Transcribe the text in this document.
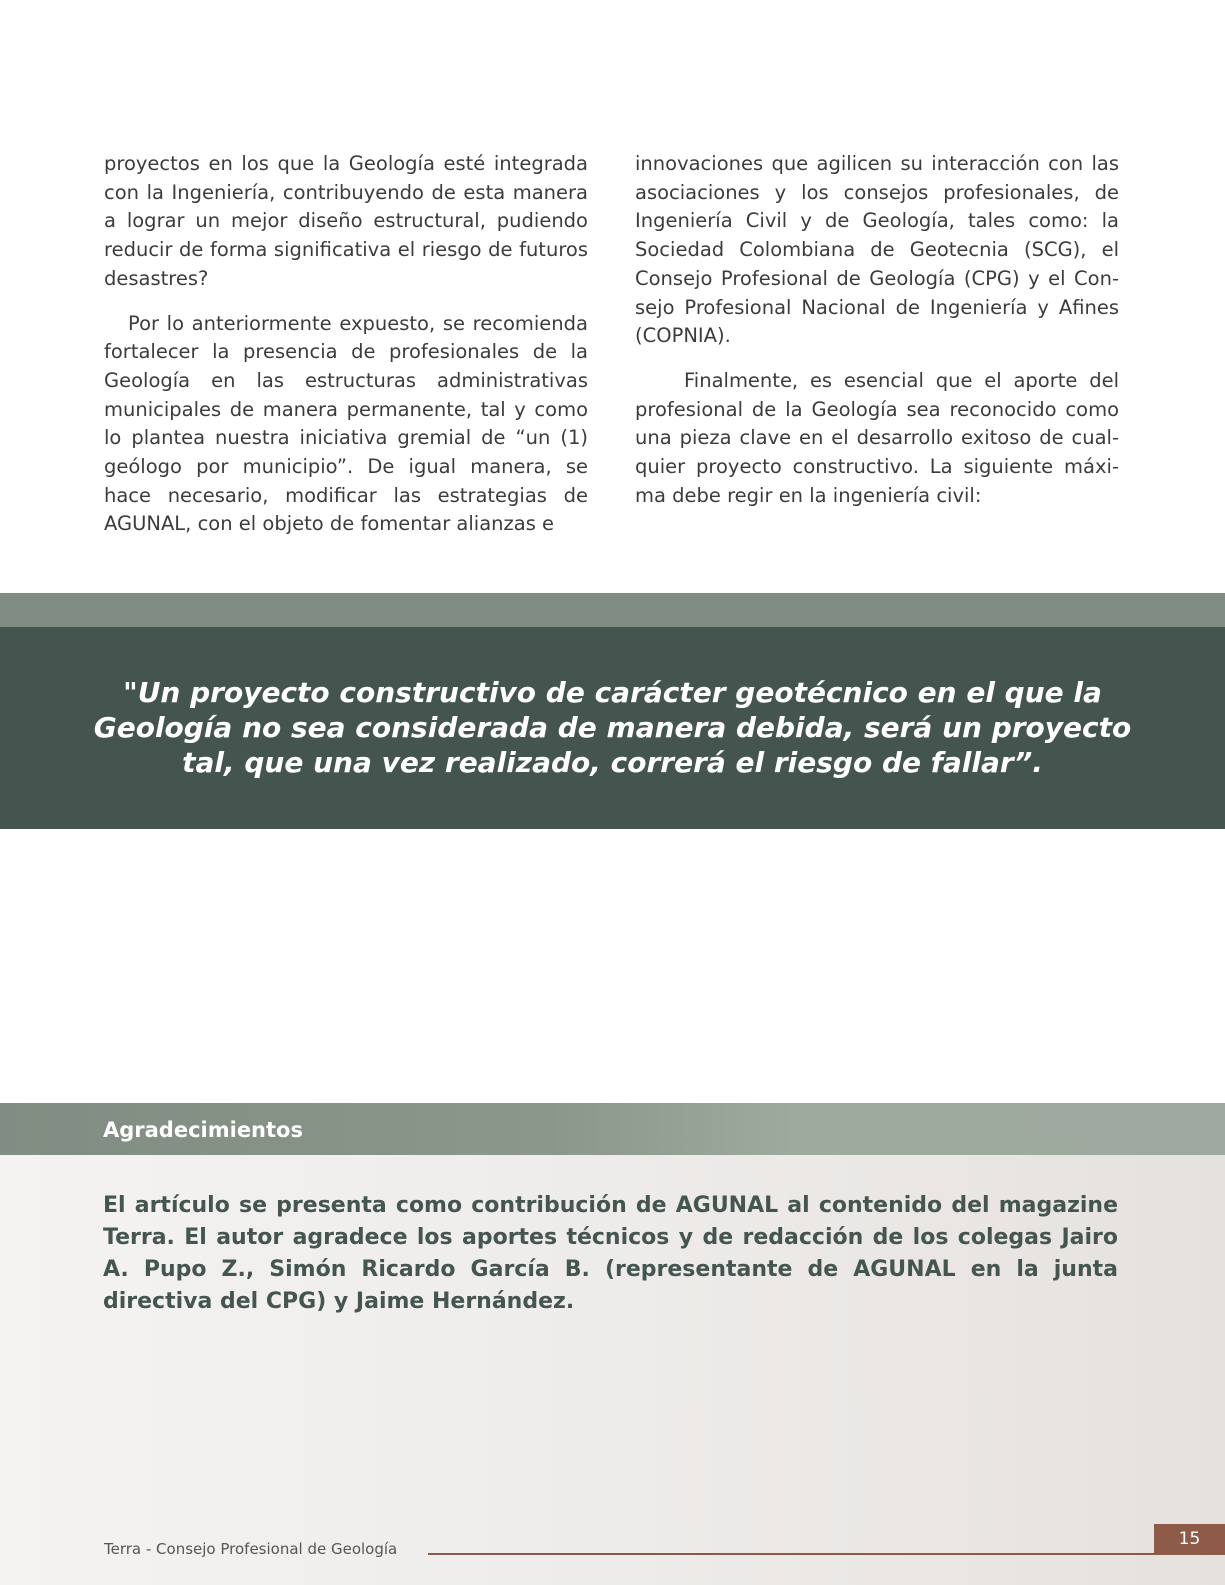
proyectos en los que la Geología esté integrada con la Ingeniería, contribuyendo de esta manera a lograr un mejor diseño estructural, pudiendo reducir de forma significativa el riesgo de futuros desastres?

Por lo anteriormente expuesto, se recomienda fortalecer la presencia de profesionales de la Geología en las estructuras administrativas municipales de manera permanente, tal y como lo plantea nuestra iniciativa gremial de “un (1) geólogo por municipio”. De igual manera, se hace necesario, modificar las estrategias de AGUNAL, con el objeto de fomentar alianzas e

innovaciones que agilicen su interacción con las asociaciones y los consejos profesionales, de Ingeniería Civil y de Geología, tales como: la Sociedad Colombiana de Geotecnia (SCG), el Consejo Profesional de Geología (CPG) y el Consejo Profesional Nacional de Ingeniería y Afines (COPNIA).

Finalmente, es esencial que el aporte del profesional de la Geología sea reconocido como una pieza clave en el desarrollo exitoso de cualquier proyecto constructivo. La siguiente máxima debe regir en la ingeniería civil:

"Un proyecto constructivo de carácter geotécnico en el que la Geología no sea considerada de manera debida, será un proyecto tal, que una vez realizado, correrá el riesgo de fallar”.

Agradecimientos

El artículo se presenta como contribución de AGUNAL al contenido del magazine Terra. El autor agradece los aportes técnicos y de redacción de los colegas Jairo A. Pupo Z., Simón Ricardo García B. (representante de AGUNAL en la junta directiva del CPG) y Jaime Hernández.

Terra - Consejo Profesional de Geología	15
